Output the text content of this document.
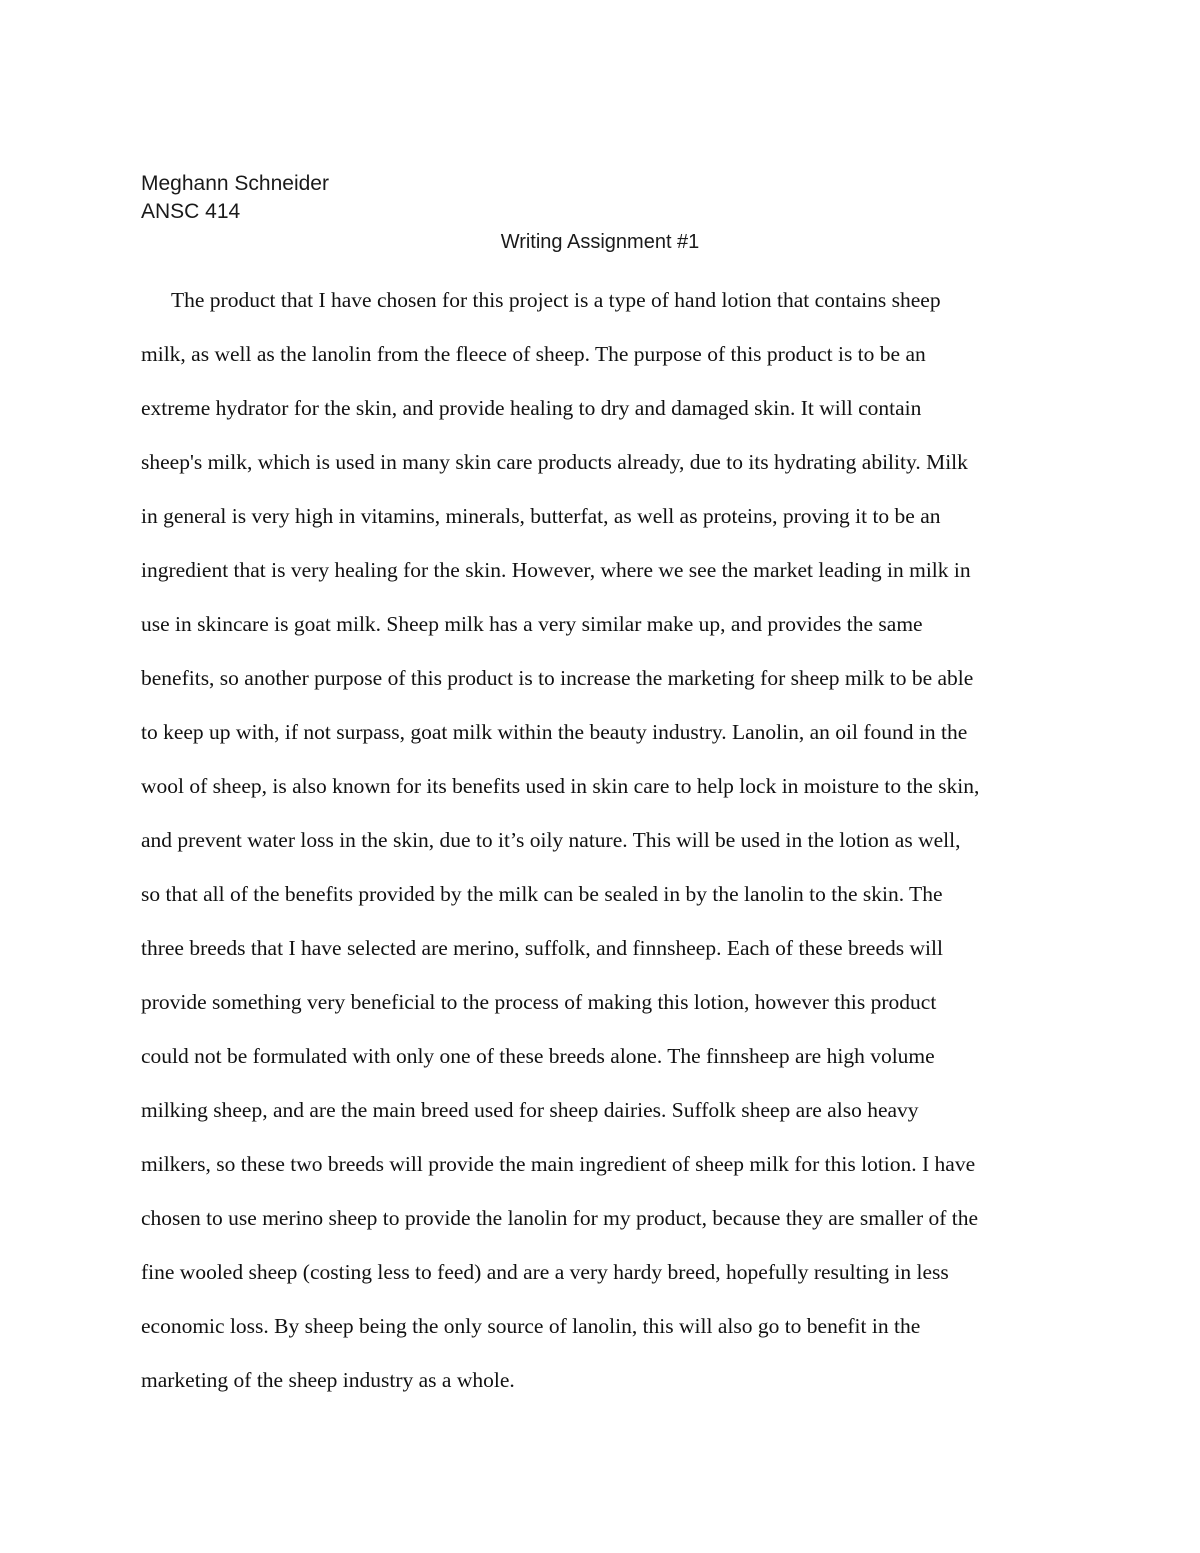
Meghann Schneider
ANSC 414
Writing Assignment #1
The product that I have chosen for this project is a type of hand lotion that contains sheep
milk, as well as the lanolin from the fleece of sheep. The purpose of this product is to be an
extreme hydrator for the skin, and provide healing to dry and damaged skin. It will contain
sheep's milk, which is used in many skin care products already, due to its hydrating ability. Milk
in general is very high in vitamins, minerals, butterfat, as well as proteins, proving it to be an
ingredient that is very healing for the skin. However, where we see the market leading in milk in
use in skincare is goat milk. Sheep milk has a very similar make up, and provides the same
benefits, so another purpose of this product is to increase the marketing for sheep milk to be able
to keep up with, if not surpass, goat milk within the beauty industry. Lanolin, an oil found in the
wool of sheep, is also known for its benefits used in skin care to help lock in moisture to the skin,
and prevent water loss in the skin, due to it’s oily nature. This will be used in the lotion as well,
so that all of the benefits provided by the milk can be sealed in by the lanolin to the skin. The
three breeds that I have selected are merino, suffolk, and finnsheep. Each of these breeds will
provide something very beneficial to the process of making this lotion, however this product
could not be formulated with only one of these breeds alone. The finnsheep are high volume
milking sheep, and are the main breed used for sheep dairies. Suffolk sheep are also heavy
milkers, so these two breeds will provide the main ingredient of sheep milk for this lotion. I have
chosen to use merino sheep to provide the lanolin for my product, because they are smaller of the
fine wooled sheep (costing less to feed) and are a very hardy breed, hopefully resulting in less
economic loss. By sheep being the only source of lanolin, this will also go to benefit in the
marketing of the sheep industry as a whole.
